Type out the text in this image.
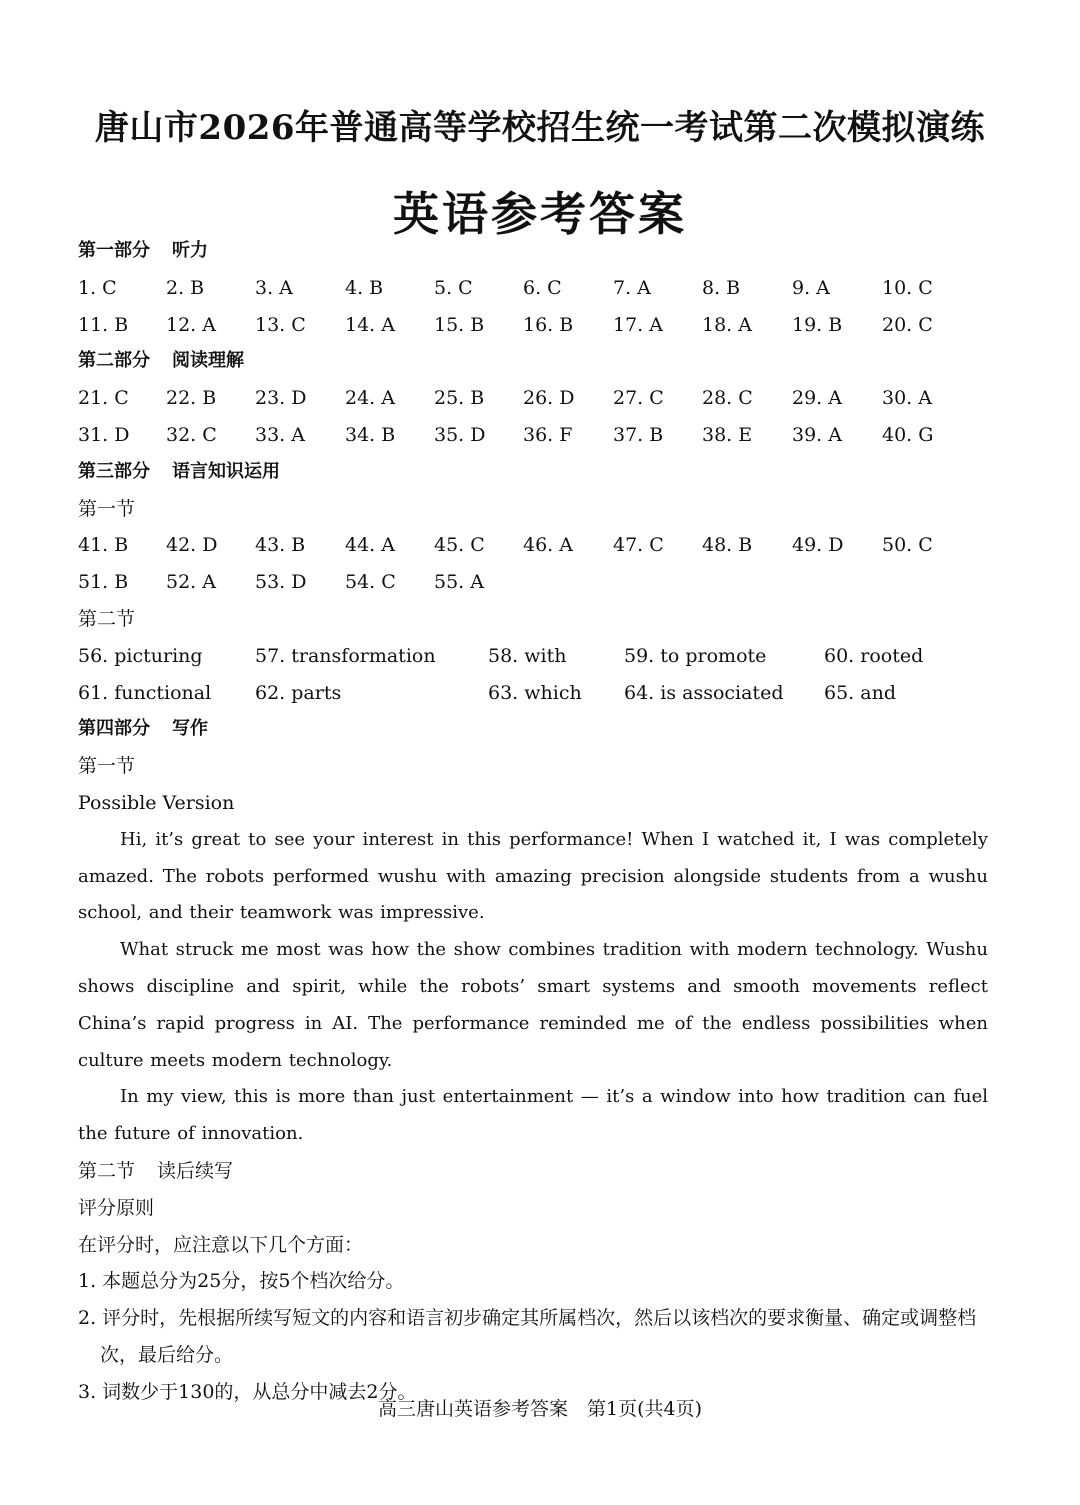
唐山市2026年普通高等学校招生统一考试第二次模拟演练
英语参考答案
第一部分 听力
1. C	2. B	3. A	4. B	5. C	6. C	7. A	8. B	9. A	10. C
11. B 12. A 13. C 14. A 15. B 16. B 17. A 18. A 19. B 20. C
第二部分 阅读理解
21. C 22. B 23. D 24. A 25. B 26. D 27. C 28. C 29. A 30. A
31. D 32. C 33. A 34. B 35. D 36. F 37. B 38. E 39. A 40. G
第三部分 语言知识运用
第一节
41. B 42. D 43. B 44. A 45. C 46. A 47. C 48. B 49. D 50. C
51. B 52. A 53. D 54. C 55. A
第二节
56. picturing	57. transformation	58. with	59. to promote	60. rooted
61. functional 62. parts	63. which 64. is associated 65. and
第四部分 写作
第一节
Possible Version
Hi, it’s great to see your interest in this performance! When I watched it, I was completely amazed. The robots performed wushu with amazing precision alongside students from a wushu school, and their teamwork was impressive.
What struck me most was how the show combines tradition with modern technology. Wushu shows discipline and spirit, while the robots’ smart systems and smooth movements reflect China’s rapid progress in AI. The performance reminded me of the endless possibilities when culture meets modern technology.
In my view, this is more than just entertainment — it’s a window into how tradition can fuel the future of innovation.
第二节 读后续写
评分原则
在评分时，应注意以下几个方面：
1. 本题总分为25分，按5个档次给分。
2. 评分时，先根据所续写短文的内容和语言初步确定其所属档次，然后以该档次的要求衡量、确定或调整档次，最后给分。
3. 词数少于130的，从总分中减去2分。
高三唐山英语参考答案　第1页(共4页)
